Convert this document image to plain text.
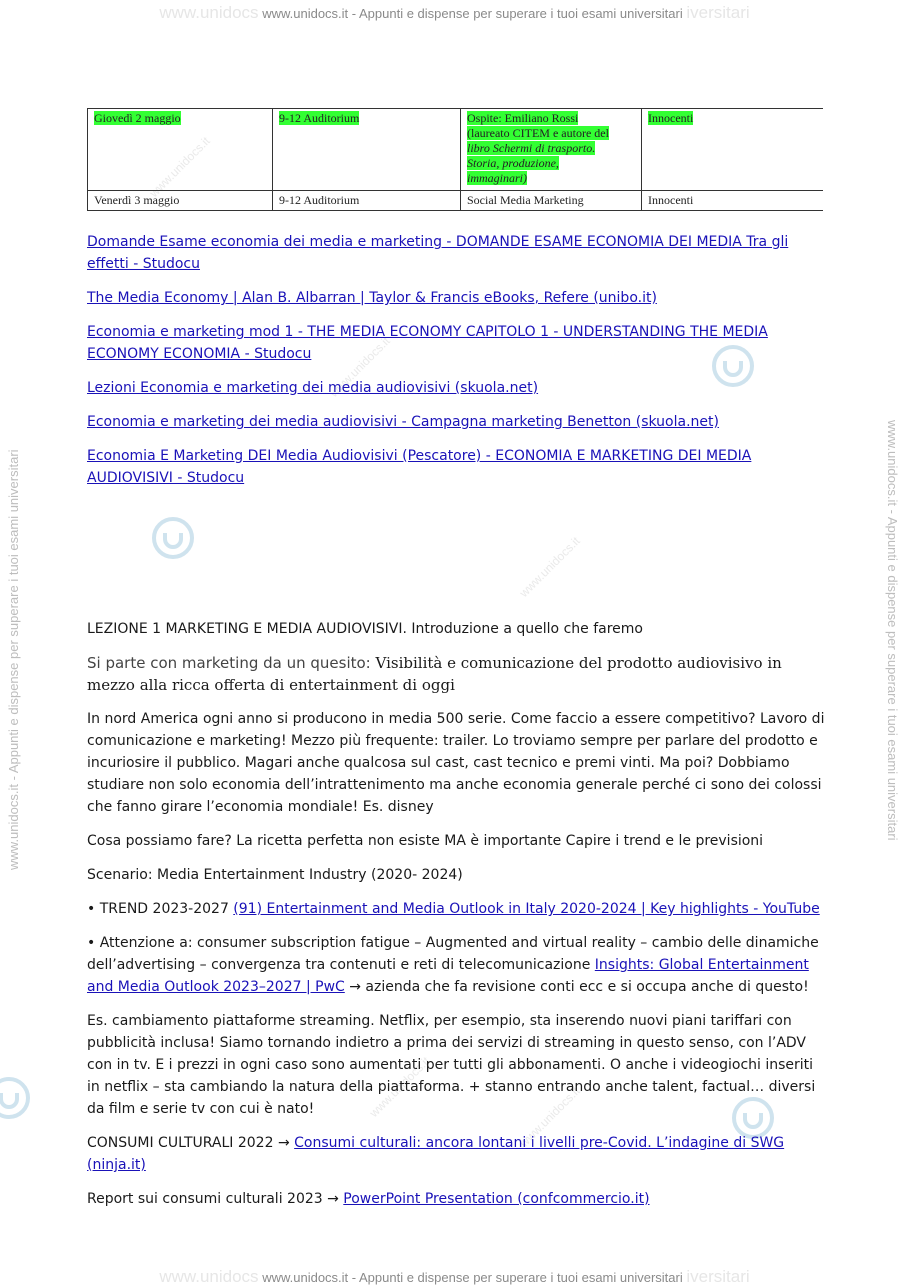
www.unidocs www.unidocs.it - Appunti e dispense per superare i tuoi esami universitari iversitari
www.unidocs www.unidocs.it - Appunti e dispense per superare i tuoi esami universitari iversitari
www.unidocs.it - Appunti e dispense per superare i tuoi esami universitari	www.unidocs.it - Appunti e dispense per superare i tuoi esami universitari
www.unidocs.it
www.unidocs.it
www.unidocs.it
www.unidocs.it
www.unidocs.it
Giovedì 2 maggio	9-12 Auditorium	Ospite: Emiliano Rossi
(laureato CITEM e autore del
libro Schermi di trasporto.
Storia, produzione,
immaginari)	Innocenti
Venerdì 3 maggio	9-12 Auditorium	Social Media Marketing	Innocenti

Domande Esame economia dei media e marketing - DOMANDE ESAME ECONOMIA DEI MEDIA Tra gli effetti - Studocu

The Media Economy | Alan B. Albarran | Taylor & Francis eBooks, Refere (unibo.it)

Economia e marketing mod 1 - THE MEDIA ECONOMY CAPITOLO 1 - UNDERSTANDING THE MEDIA ECONOMY ECONOMIA - Studocu

Lezioni Economia e marketing dei media audiovisivi (skuola.net)

Economia e marketing dei media audiovisivi - Campagna marketing Benetton (skuola.net)

Economia E Marketing DEI Media Audiovisivi (Pescatore) - ECONOMIA E MARKETING DEI MEDIA AUDIOVISIVI - Studocu

LEZIONE 1 MARKETING E MEDIA AUDIOVISIVI. Introduzione a quello che faremo

Si parte con marketing da un quesito: Visibilità e comunicazione del prodotto audiovisivo in mezzo alla ricca offerta di entertainment di oggi

In nord America ogni anno si producono in media 500 serie. Come faccio a essere competitivo? Lavoro di comunicazione e marketing! Mezzo più frequente: trailer. Lo troviamo sempre per parlare del prodotto e incuriosire il pubblico. Magari anche qualcosa sul cast, cast tecnico e premi vinti. Ma poi? Dobbiamo studiare non solo economia dell’intrattenimento ma anche economia generale perché ci sono dei colossi che fanno girare l’economia mondiale! Es. disney

Cosa possiamo fare? La ricetta perfetta non esiste MA è importante Capire i trend e le previsioni

Scenario: Media Entertainment Industry (2020- 2024)

• TREND 2023-2027 (91) Entertainment and Media Outlook in Italy 2020-2024 | Key highlights - YouTube

• Attenzione a: consumer subscription fatigue – Augmented and virtual reality – cambio delle dinamiche dell’advertising – convergenza tra contenuti e reti di telecomunicazione Insights: Global Entertainment and Media Outlook 2023–2027 | PwC → azienda che fa revisione conti ecc e si occupa anche di questo!

Es. cambiamento piattaforme streaming. Netflix, per esempio, sta inserendo nuovi piani tariffari con pubblicità inclusa! Siamo tornando indietro a prima dei servizi di streaming in questo senso, con l’ADV con in tv. E i prezzi in ogni caso sono aumentati per tutti gli abbonamenti. O anche i videogiochi inseriti in netflix – sta cambiando la natura della piattaforma. + stanno entrando anche talent, factual… diversi da film e serie tv con cui è nato!

CONSUMI CULTURALI 2022 → Consumi culturali: ancora lontani i livelli pre-Covid. L’indagine di SWG (ninja.it)

Report sui consumi culturali 2023 → PowerPoint Presentation (confcommercio.it)
